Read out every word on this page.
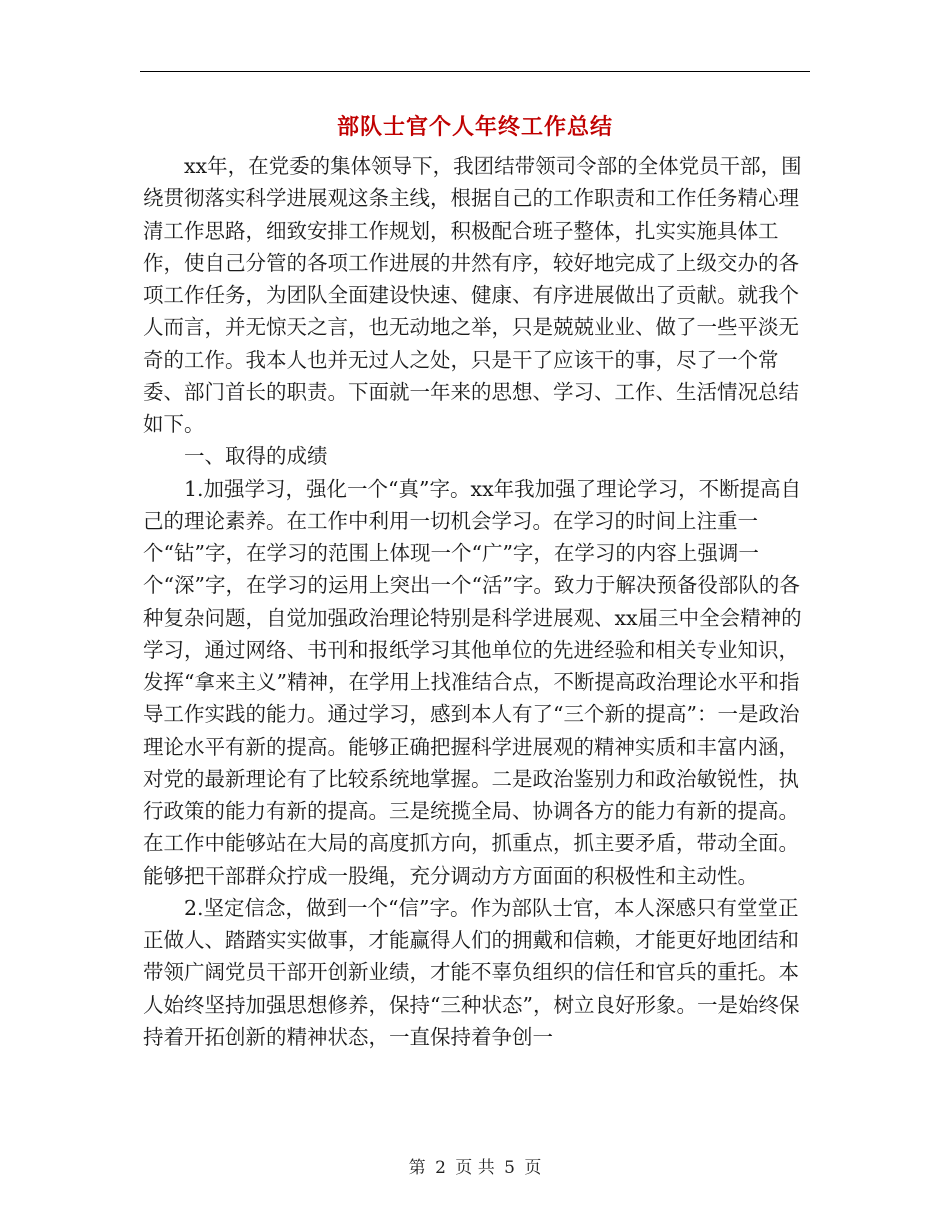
部队士官个人年终工作总结

xx年，在党委的集体领导下，我团结带领司令部的全体党员干部，围绕贯彻落实科学进展观这条主线，根据自己的工作职责和工作任务精心理清工作思路，细致安排工作规划，积极配合班子整体，扎实实施具体工作，使自己分管的各项工作进展的井然有序，较好地完成了上级交办的各项工作任务，为团队全面建设快速、健康、有序进展做出了贡献。就我个人而言，并无惊天之言，也无动地之举，只是兢兢业业、做了一些平淡无奇的工作。我本人也并无过人之处，只是干了应该干的事，尽了一个常委、部门首长的职责。下面就一年来的思想、学习、工作、生活情况总结如下。

一、取得的成绩

1.加强学习，强化一个“真”字。xx年我加强了理论学习，不断提高自己的理论素养。在工作中利用一切机会学习。在学习的时间上注重一个“钻”字，在学习的范围上体现一个“广”字，在学习的内容上强调一个“深”字，在学习的运用上突出一个“活”字。致力于解决预备役部队的各种复杂问题，自觉加强政治理论特别是科学进展观、xx届三中全会精神的学习，通过网络、书刊和报纸学习其他单位的先进经验和相关专业知识，发挥“拿来主义”精神，在学用上找准结合点，不断提高政治理论水平和指导工作实践的能力。通过学习，感到本人有了“三个新的提高”：一是政治理论水平有新的提高。能够正确把握科学进展观的精神实质和丰富内涵，对党的最新理论有了比较系统地掌握。二是政治鉴别力和政治敏锐性，执行政策的能力有新的提高。三是统揽全局、协调各方的能力有新的提高。在工作中能够站在大局的高度抓方向，抓重点，抓主要矛盾，带动全面。能够把干部群众拧成一股绳，充分调动方方面面的积极性和主动性。

2.坚定信念，做到一个“信”字。作为部队士官，本人深感只有堂堂正正做人、踏踏实实做事，才能赢得人们的拥戴和信赖，才能更好地团结和带领广阔党员干部开创新业绩，才能不辜负组织的信任和官兵的重托。本人始终坚持加强思想修养，保持“三种状态”，树立良好形象。一是始终保持着开拓创新的精神状态，一直保持着争创一

第 2 页 共 5 页
